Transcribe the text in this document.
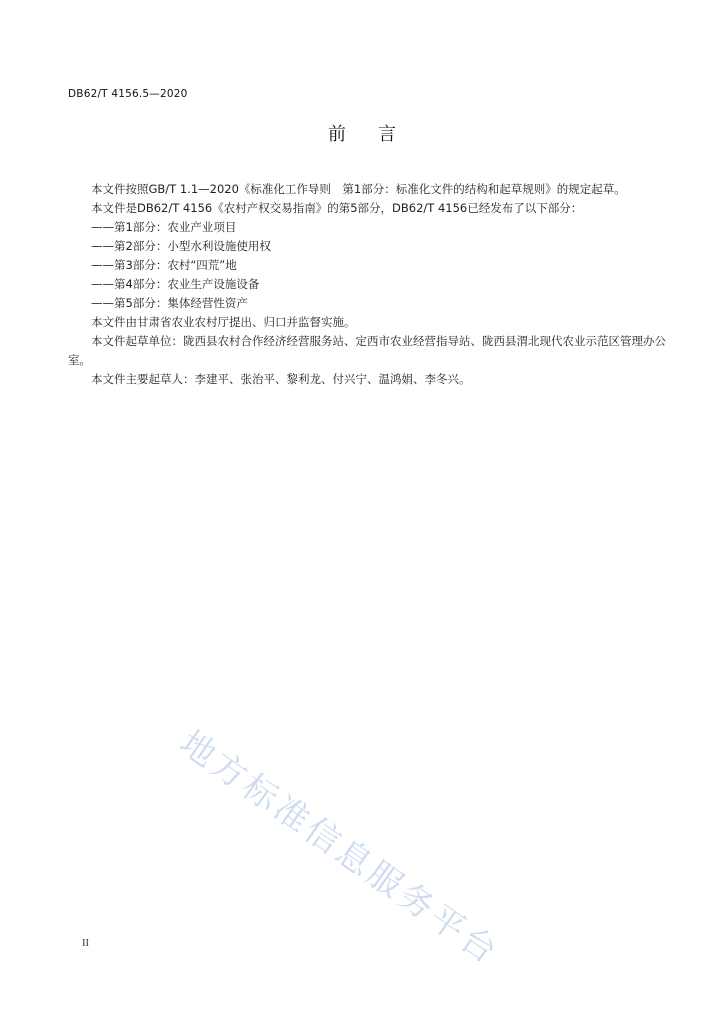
DB62/T 4156.5—2020
前言

本文件按照GB/T 1.1—2020《标准化工作导则　第1部分：标准化文件的结构和起草规则》的规定起草。

本文件是DB62/T 4156《农村产权交易指南》的第5部分，DB62/T 4156已经发布了以下部分：

——第1部分：农业产业项目

——第2部分：小型水利设施使用权

——第3部分：农村“四荒”地

——第4部分：农业生产设施设备

——第5部分：集体经营性资产

本文件由甘肃省农业农村厅提出、归口并监督实施。

本文件起草单位：陇西县农村合作经济经营服务站、定西市农业经营指导站、陇西县渭北现代农业示范区管理办公室。

本文件主要起草人：李建平、张治平、黎利龙、付兴宁、温鸿娟、李冬兴。

地方标准信息服务平台
II
